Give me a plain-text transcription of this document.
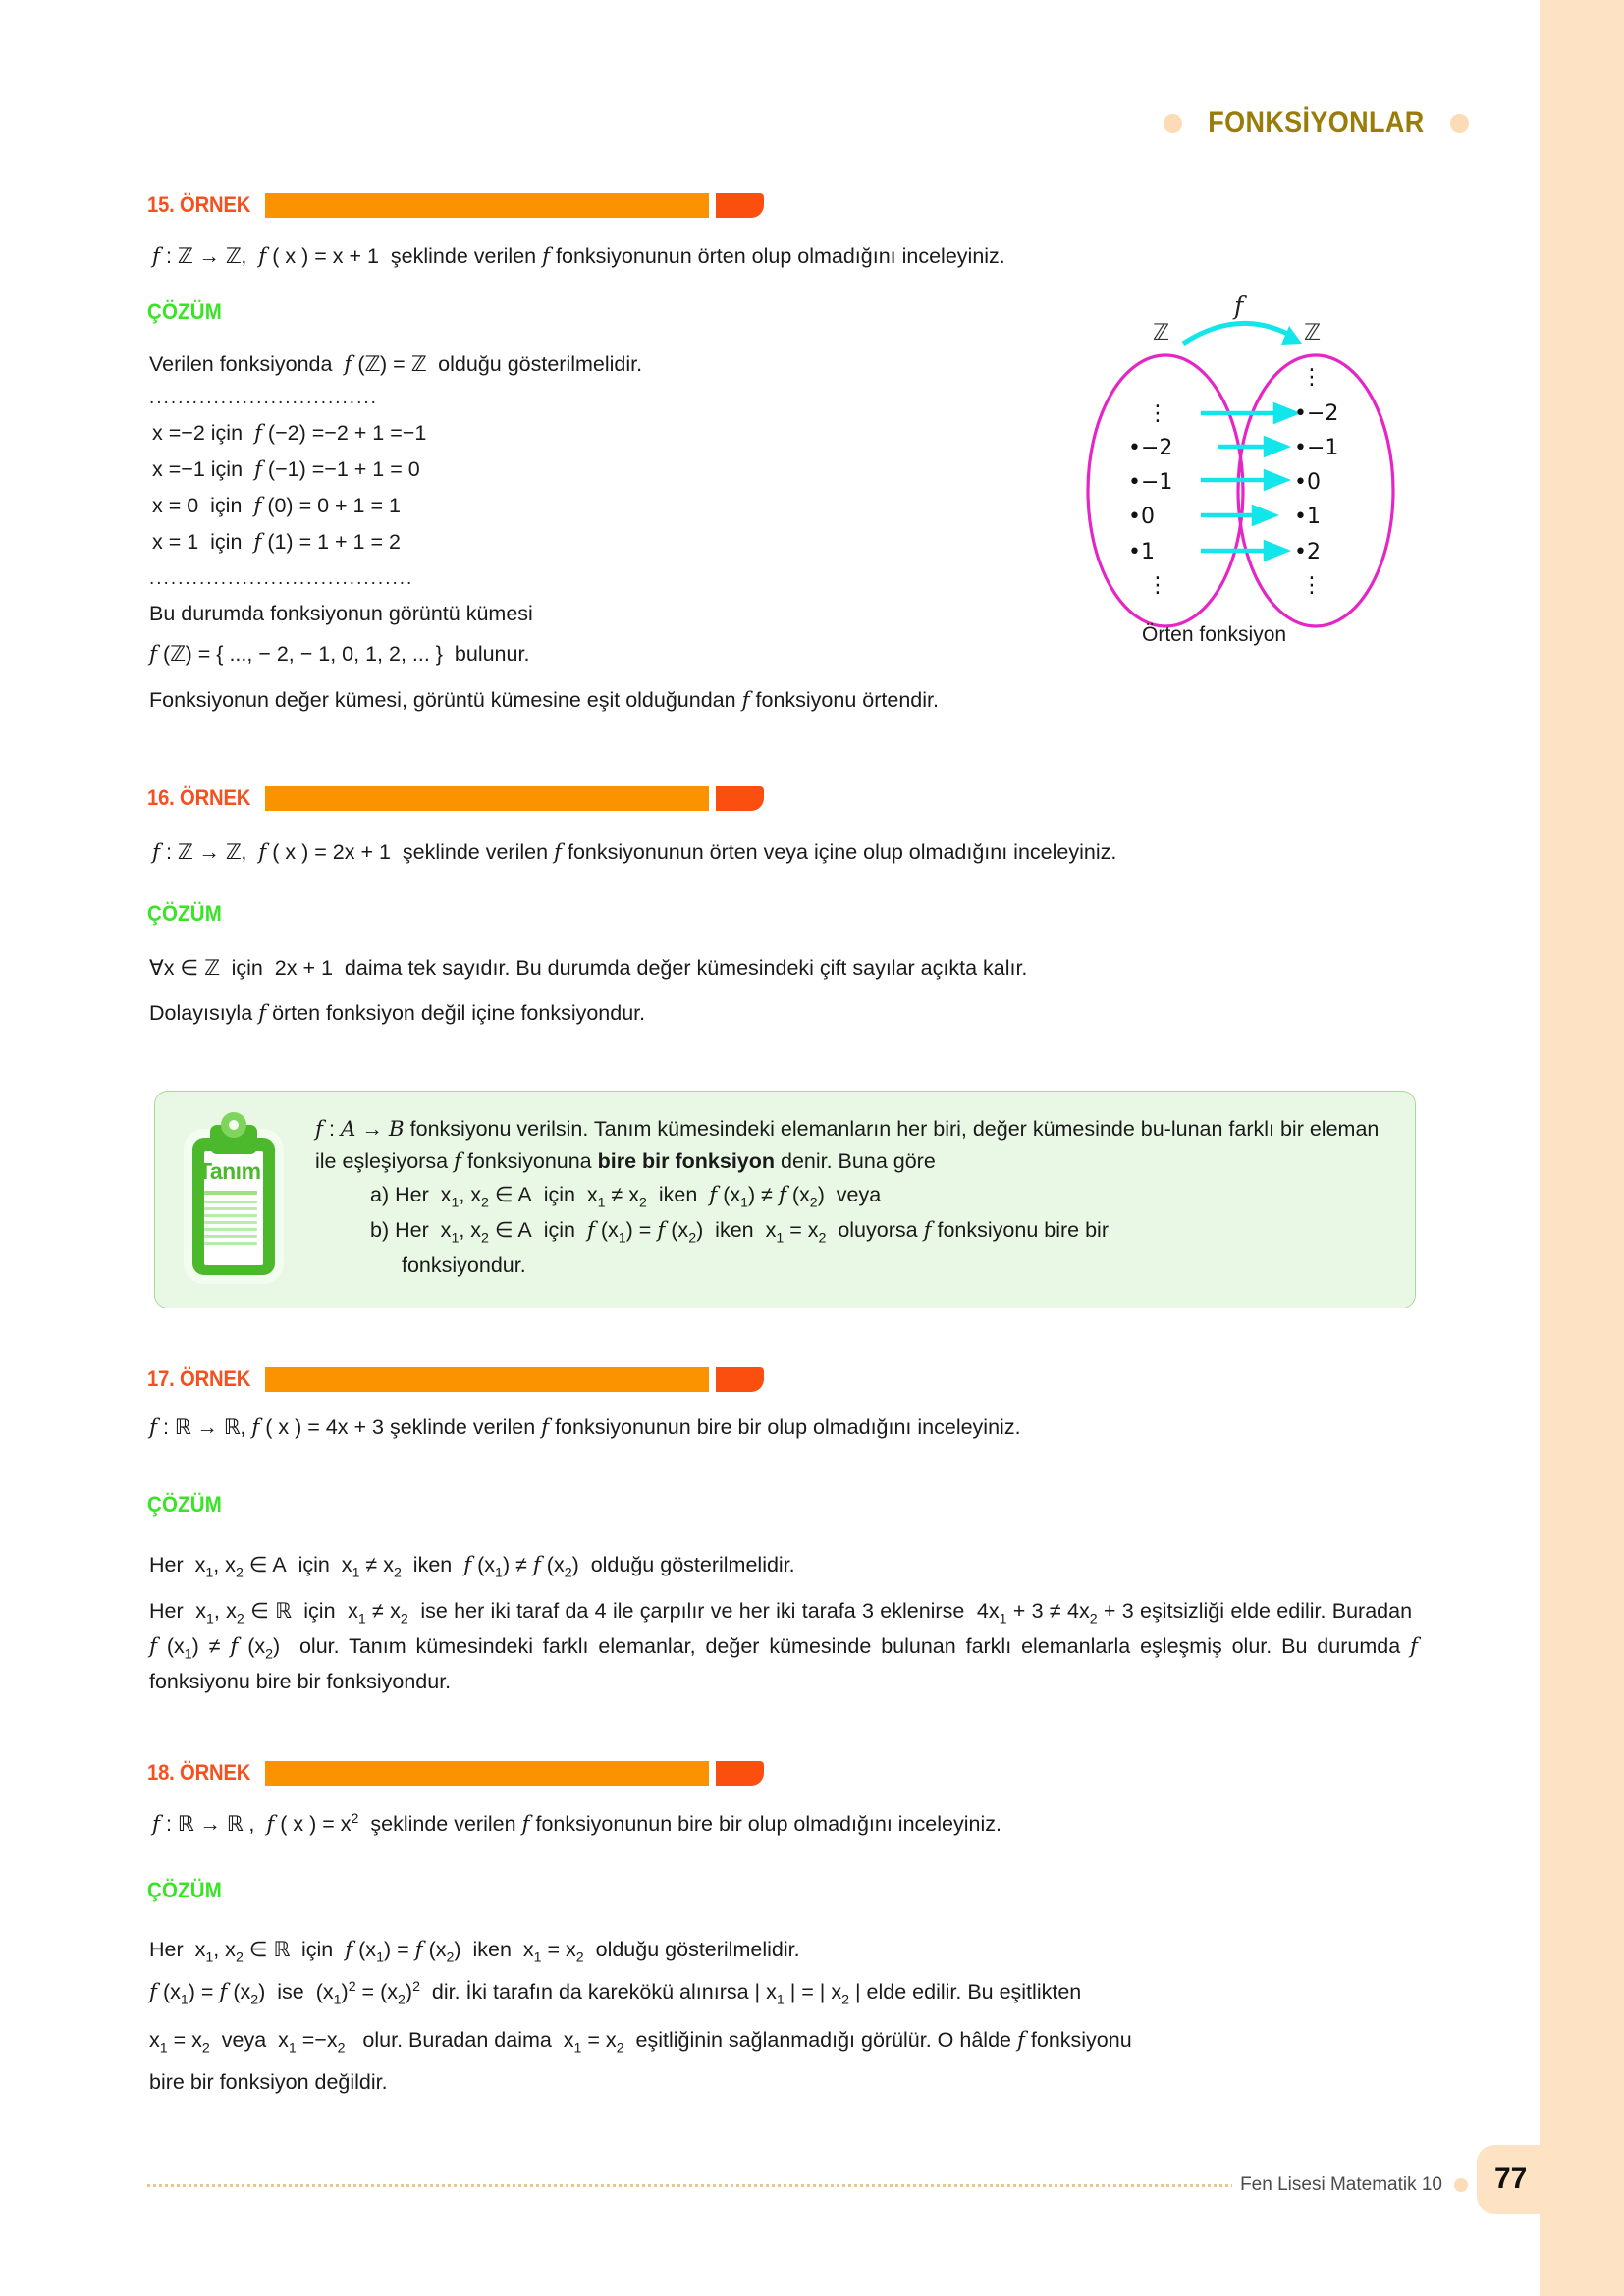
FONKSİYONLAR
15. ÖRNEK
f : ℤ → ℤ,  f ( x ) = x + 1  şeklinde verilen f fonksiyonunun örten olup olmadığını inceleyiniz.
ÇÖZÜM
Verilen fonksiyonda  f (ℤ) = ℤ  olduğu gösterilmelidir.
................................
x =−2 için  f (−2) =−2 + 1 =−1
x =−1 için  f (−1) =−1 + 1 = 0
x = 0  için  f (0) = 0 + 1 = 1
x = 1  için  f (1) = 1 + 1 = 2
.....................................
Bu durumda fonksiyonun görüntü kümesi
f (ℤ) = { ..., − 2, − 1, 0, 1, 2, ... }  bulunur.
Fonksiyonun değer kümesi, görüntü kümesine eşit olduğundan f fonksiyonu örtendir.
ℤ	ℤ
f
⋮
•−2
•−1
•0
•1
⋮
⋮
•−2
•−1
•0
•1
•2
⋮
Örten fonksiyon
16. ÖRNEK
f : ℤ → ℤ,  f ( x ) = 2x + 1  şeklinde verilen f fonksiyonunun örten veya içine olup olmadığını inceleyiniz.
ÇÖZÜM
∀x ∈ ℤ  için  2x + 1  daima tek sayıdır. Bu durumda değer kümesindeki çift sayılar açıkta kalır.
Dolayısıyla f örten fonksiyon değil içine fonksiyondur.
Tanım
f : A → B fonksiyonu verilsin. Tanım kümesindeki elemanların her biri, değer kümesinde bu-lunan farklı bir eleman ile eşleşiyorsa f fonksiyonuna bire bir fonksiyon denir. Buna göre
a) Her  $x_1$, $x_2$ ∈ A  için  $x_1 \ne x_2$  iken  f $(x_1) \ne f$ $(x_2)$  veya
b) Her  $x_1$, $x_2$ ∈ A  için  f $(x_1) = f$ $(x_2)$  iken  $x_1 = x_2$  oluyorsa f fonksiyonu bire bir
fonksiyondur.
17. ÖRNEK
f : ℝ → ℝ, f ( x ) = 4x + 3 şeklinde verilen f fonksiyonunun bire bir olup olmadığını inceleyiniz.
ÇÖZÜM
Her  $x_1$, $x_2$ ∈ A  için  $x_1 \ne x_2$  iken  f $(x_1) \ne f$ $(x_2)$  olduğu gösterilmelidir.
Her  $x_1$, $x_2$ ∈ ℝ  için  $x_1 \ne x_2$  ise her iki taraf da 4 ile çarpılır ve her iki tarafa 3 eklenirse  $4x_1 + 3 \ne 4x_2 + 3$ eşitsizliği elde edilir. Buradan  f $(x_1) \ne f$ $(x_2)$  olur. Tanım kümesindeki farklı elemanlar, değer kümesinde bulunan farklı elemanlarla eşleşmiş olur. Bu durumda f fonksiyonu bire bir fonksiyondur.
18. ÖRNEK
f : ℝ → ℝ ,  f ( x ) = $x^2$  şeklinde verilen f fonksiyonunun bire bir olup olmadığını inceleyiniz.
ÇÖZÜM
Her  $x_1$, $x_2$ ∈ ℝ  için  f $(x_1) = f$ $(x_2)$  iken  $x_1 = x_2$  olduğu gösterilmelidir.
f $(x_1) = f$ $(x_2)$  ise  $(x_1)^2 = (x_2)^2$  dir. İki tarafın da karekökü alınırsa | $x_1$ | = | $x_2$ | elde edilir. Bu eşitlikten
$x_1 = x_2$  veya  $x_1 =-x_2$   olur. Buradan daima  $x_1 = x_2$  eşitliğinin sağlanmadığı görülür. O hâlde f fonksiyonu
bire bir fonksiyon değildir.
Fen Lisesi Matematik 10	77
